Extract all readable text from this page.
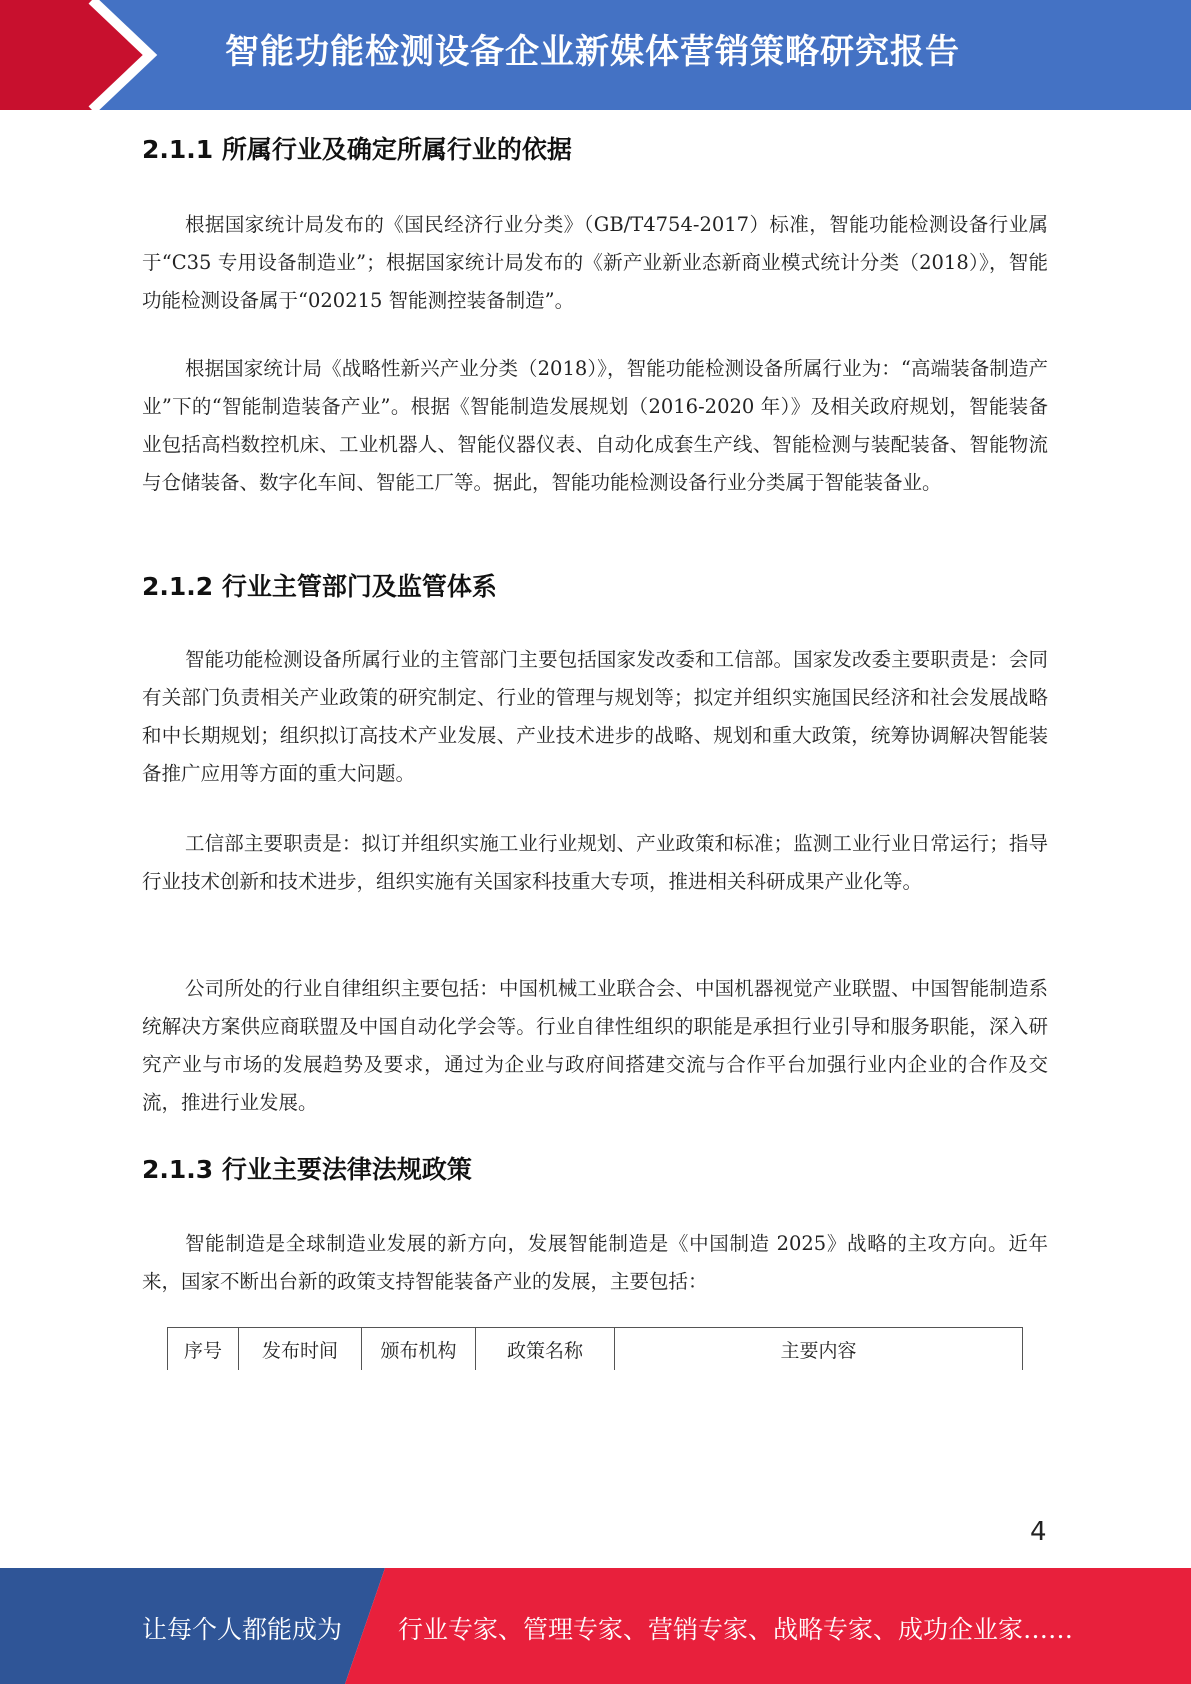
智能功能检测设备企业新媒体营销策略研究报告
2.1.1 所属行业及确定所属行业的依据
根据国家统计局发布的《国民经济行业分类》（GB/T4754-2017）标准，智能功能检测设备行业属于“C35 专用设备制造业”；根据国家统计局发布的《新产业新业态新商业模式统计分类（2018）》，智能功能检测设备属于“020215 智能测控装备制造”。
根据国家统计局《战略性新兴产业分类（2018）》，智能功能检测设备所属行业为：“高端装备制造产业”下的“智能制造装备产业”。根据《智能制造发展规划（2016-2020 年）》及相关政府规划，智能装备业包括高档数控机床、工业机器人、智能仪器仪表、自动化成套生产线、智能检测与装配装备、智能物流与仓储装备、数字化车间、智能工厂等。据此，智能功能检测设备行业分类属于智能装备业。
2.1.2 行业主管部门及监管体系
智能功能检测设备所属行业的主管部门主要包括国家发改委和工信部。国家发改委主要职责是：会同有关部门负责相关产业政策的研究制定、行业的管理与规划等；拟定并组织实施国民经济和社会发展战略和中长期规划；组织拟订高技术产业发展、产业技术进步的战略、规划和重大政策，统筹协调解决智能装备推广应用等方面的重大问题。
工信部主要职责是：拟订并组织实施工业行业规划、产业政策和标准；监测工业行业日常运行；指导行业技术创新和技术进步，组织实施有关国家科技重大专项，推进相关科研成果产业化等。
公司所处的行业自律组织主要包括：中国机械工业联合会、中国机器视觉产业联盟、中国智能制造系统解决方案供应商联盟及中国自动化学会等。行业自律性组织的职能是承担行业引导和服务职能，深入研究产业与市场的发展趋势及要求，通过为企业与政府间搭建交流与合作平台加强行业内企业的合作及交流，推进行业发展。
2.1.3 行业主要法律法规政策
智能制造是全球制造业发展的新方向，发展智能制造是《中国制造 2025》战略的主攻方向。近年来，国家不断出台新的政策支持智能装备产业的发展，主要包括：
序号	发布时间	颁布机构	政策名称	主要内容
4
让每个人都能成为 行业专家、管理专家、营销专家、战略专家、成功企业家……
